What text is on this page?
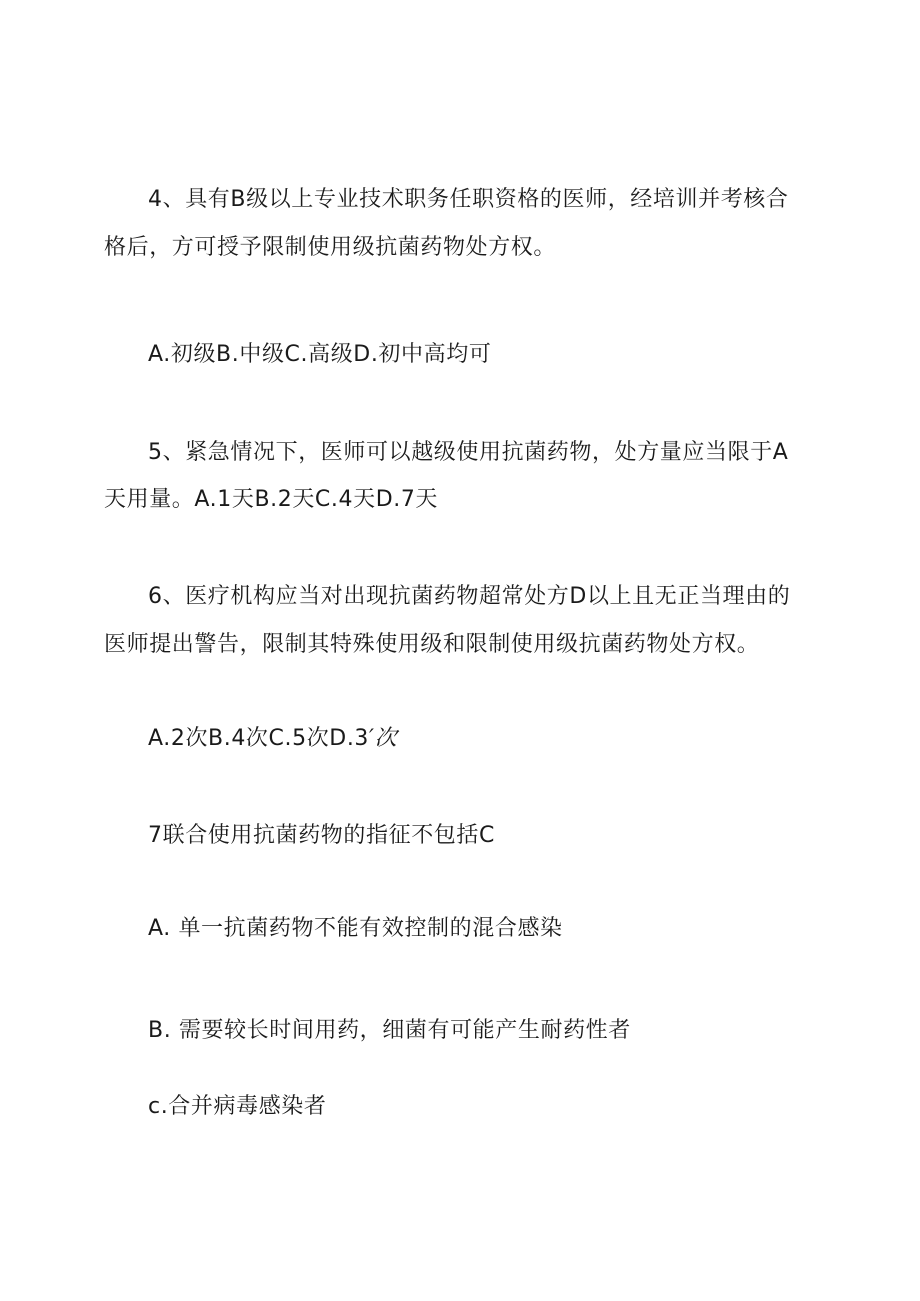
4、具有B级以上专业技术职务任职资格的医师，经培训并考核合

格后，方可授予限制使用级抗菌药物处方权。

A.初级B.中级C.高级D.初中高均可

5、紧急情况下，医师可以越级使用抗菌药物，处方量应当限于A

天用量。A.1天B.2天C.4天D.7天

6、医疗机构应当对出现抗菌药物超常处方D以上且无正当理由的

医师提出警告，限制其特殊使用级和限制使用级抗菌药物处方权。

A.2次B.4次C.5次D.3′次

7联合使用抗菌药物的指征不包括C

A. 单一抗菌药物不能有效控制的混合感染

B. 需要较长时间用药，细菌有可能产生耐药性者

c.合并病毒感染者
